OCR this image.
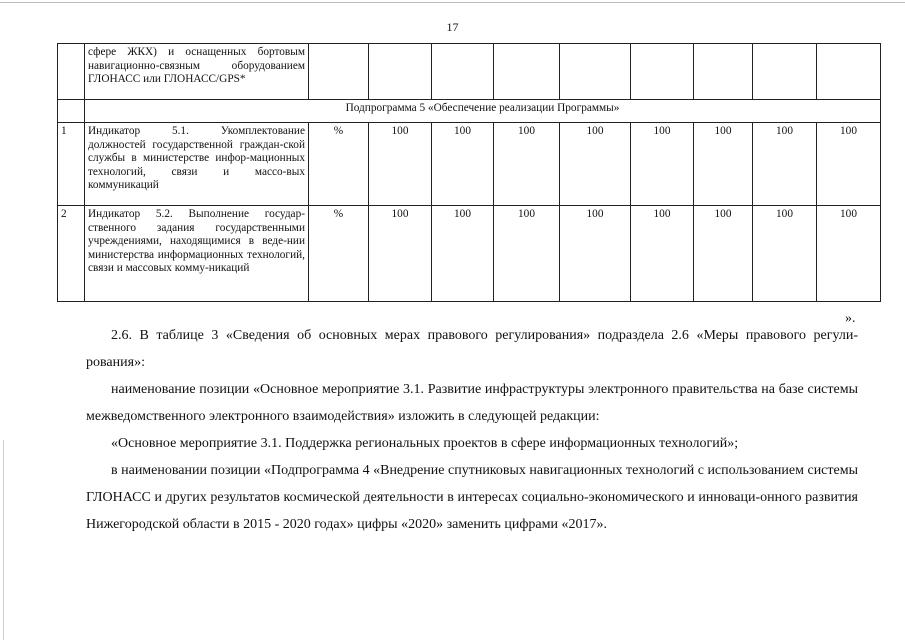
17
	сфере ЖКХ) и оснащенных бортовым навигационно-связным оборудованием ГЛОНАСС или ГЛОНАСС/GPS*									
	Подпрограмма 5 «Обеспечение реализации Программы»									
1	Индикатор 5.1. Укомплектование должностей государственной граждан-ской службы в министерстве инфор-мационных технологий, связи и массо-вых коммуникаций	%	100	100	100	100	100	100	100	100
2	Индикатор 5.2. Выполнение государ-ственного задания государственными учреждениями, находящимися в веде-нии министерства информационных технологий, связи и массовых комму-никаций	%	100	100	100	100	100	100	100	100
».

2.6. В таблице 3 «Сведения об основных мерах правового регулирования» подраздела 2.6 «Меры правового регули-рования»:

наименование позиции «Основное мероприятие 3.1. Развитие инфраструктуры электронного правительства на базе системы межведомственного электронного взаимодействия» изложить в следующей редакции:

«Основное мероприятие 3.1. Поддержка региональных проектов в сфере информационных технологий»;

в наименовании позиции «Подпрограмма 4 «Внедрение спутниковых навигационных технологий с использованием системы ГЛОНАСС и других результатов космической деятельности в интересах социально-экономического и инноваци-онного развития Нижегородской области в 2015 - 2020 годах» цифры «2020» заменить цифрами «2017».
